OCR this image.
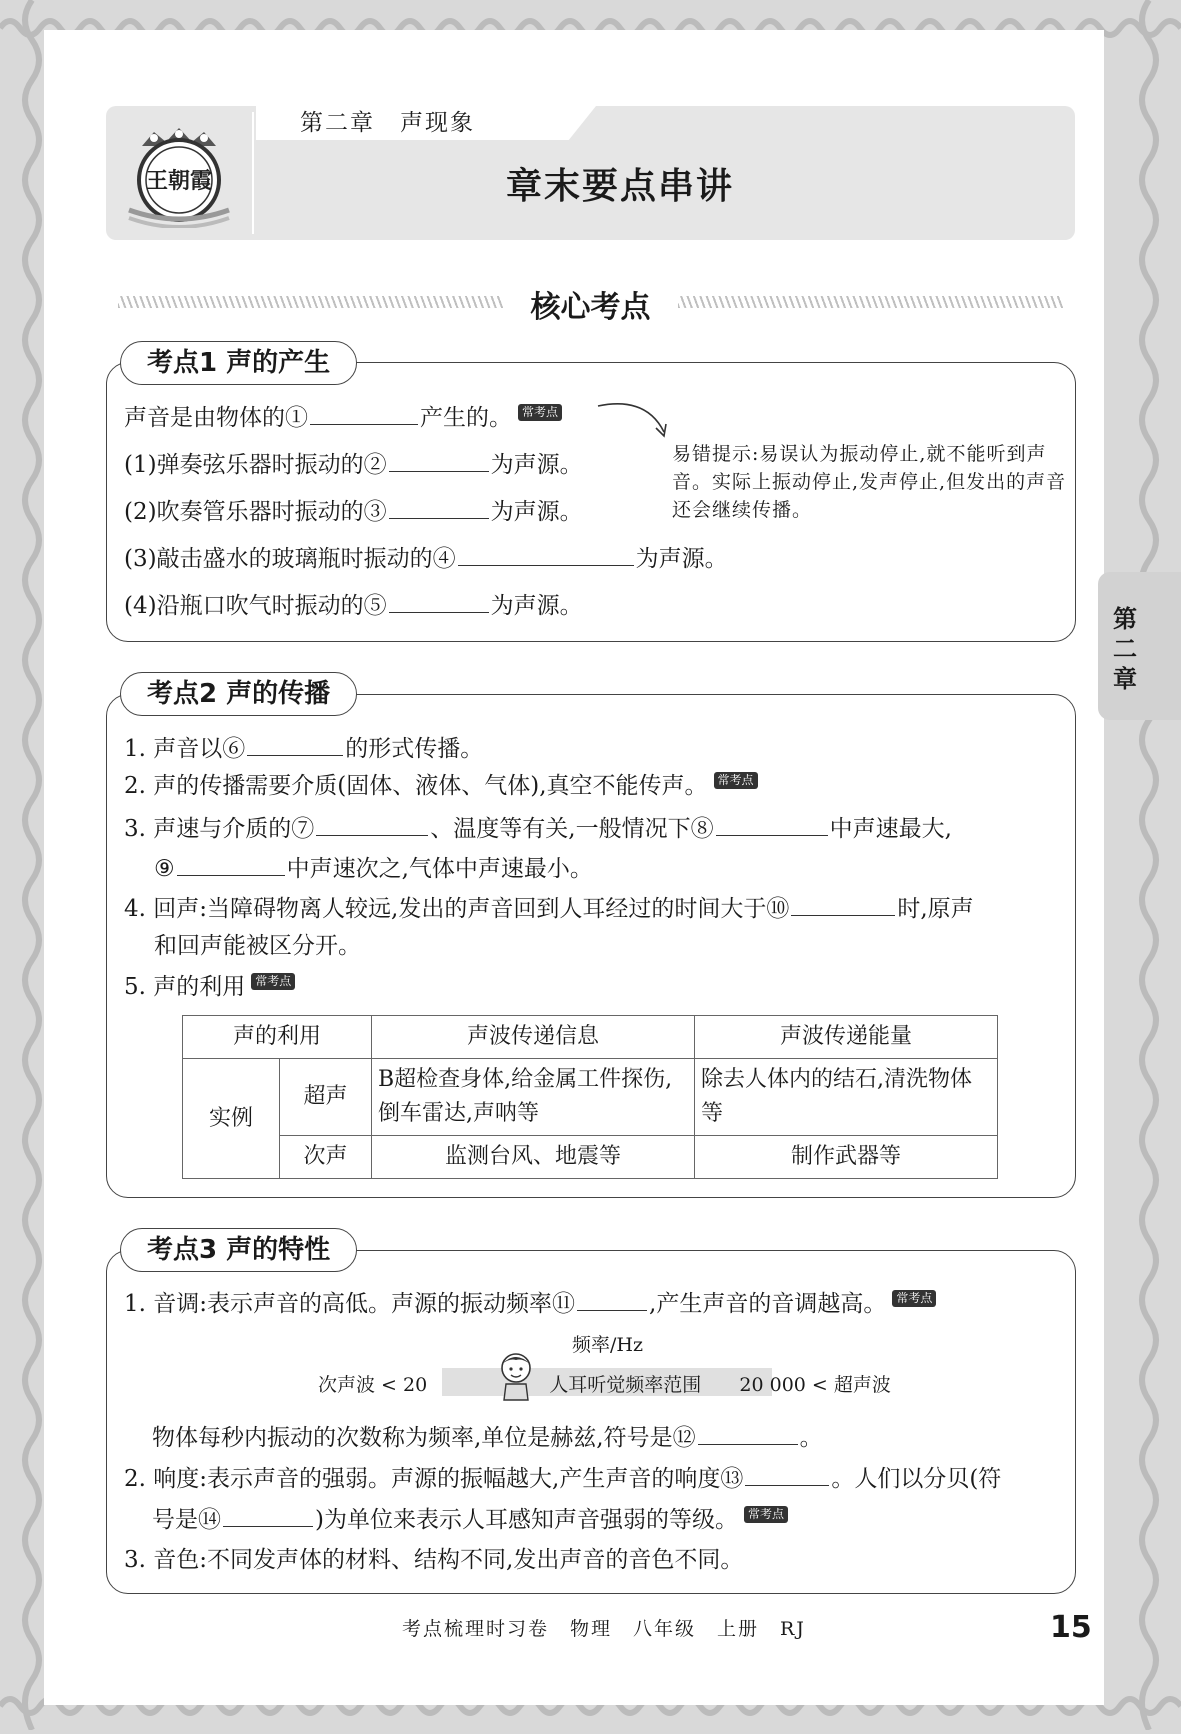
王朝霞
第二章　声现象
章末要点串讲
核心考点
考点1 声的产生
声音是由物体的①	产生的。 常考点
易错提示:易误认为振动停止,就不能听到声音。实际上振动停止,发声停止,但发出的声音还会继续传播。
(1)弹奏弦乐器时振动的②	为声源。
(2)吹奏管乐器时振动的③	为声源。
(3)敲击盛水的玻璃瓶时振动的④	为声源。
(4)沿瓶口吹气时振动的⑤	为声源。
考点2 声的传播
1. 声音以⑥	的形式传播。
2. 声的传播需要介质(固体、液体、气体),真空不能传声。 常考点
3. 声速与介质的⑦	、温度等有关,一般情况下⑧	中声速最大,
⑨	中声速次之,气体中声速最小。
4. 回声:当障碍物离人较远,发出的声音回到人耳经过的时间大于⑩	时,原声
和回声能被区分开。
5. 声的利用 常考点
声的利用		声波传递信息	声波传递能量
实例	超声	B超检查身体,给金属工件探伤,倒车雷达,声呐等	除去人体内的结石,清洗物体等
	次声	监测台风、地震等	制作武器等
第二章
考点3 声的特性
1. 音调:表示声音的高低。声源的振动频率⑪	,产生声音的音调越高。 常考点
频率/Hz
次声波 < 20	人耳听觉频率范围 20 000 < 超声波
物体每秒内振动的次数称为频率,单位是赫兹,符号是⑫	。
2. 响度:表示声音的强弱。声源的振幅越大,产生声音的响度⑬	。人们以分贝(符
号是⑭	)为单位来表示人耳感知声音强弱的等级。 常考点
3. 音色:不同发声体的材料、结构不同,发出声音的音色不同。
考点梳理时习卷　物理　八年级　上册　RJ	15
